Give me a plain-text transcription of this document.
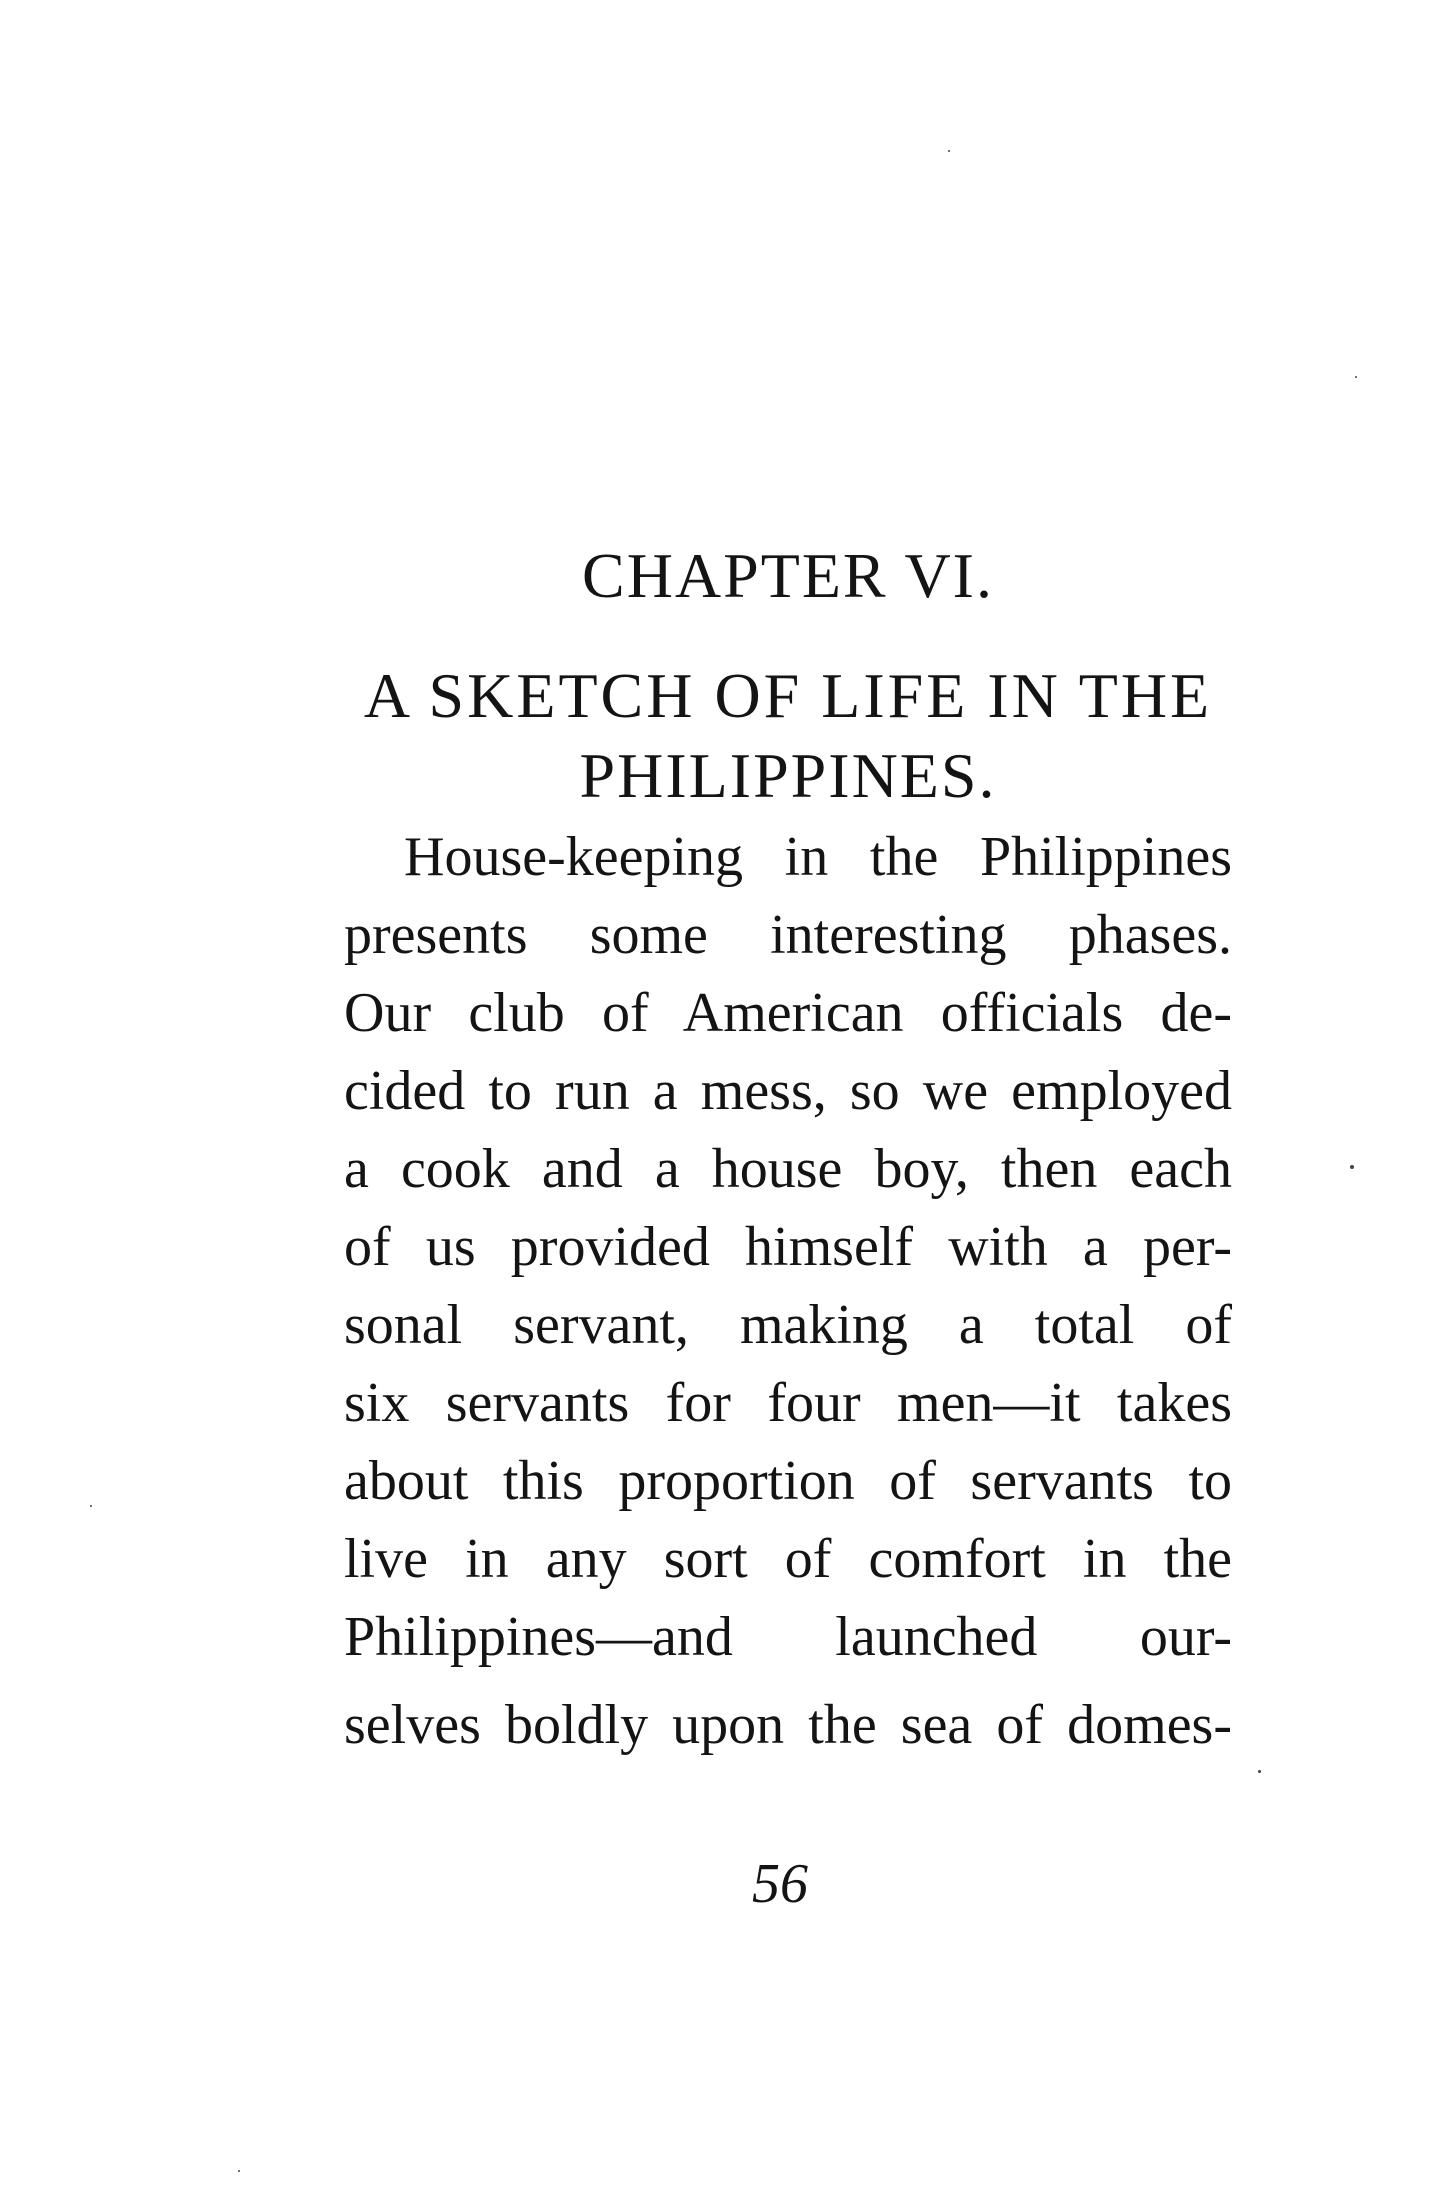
CHAPTER VI.
A SKETCH OF LIFE IN THE
PHILIPPINES.
House-keeping in the Philippines
presents some interesting phases.
Our club of American officials de-
cided to run a mess, so we employed
a cook and a house boy, then each
of us provided himself with a per-
sonal servant, making a total of
six servants for four men—it takes
about this proportion of servants to
live in any sort of comfort in the
Philippines—and launched our-
selves boldly upon the sea of domes-
56
